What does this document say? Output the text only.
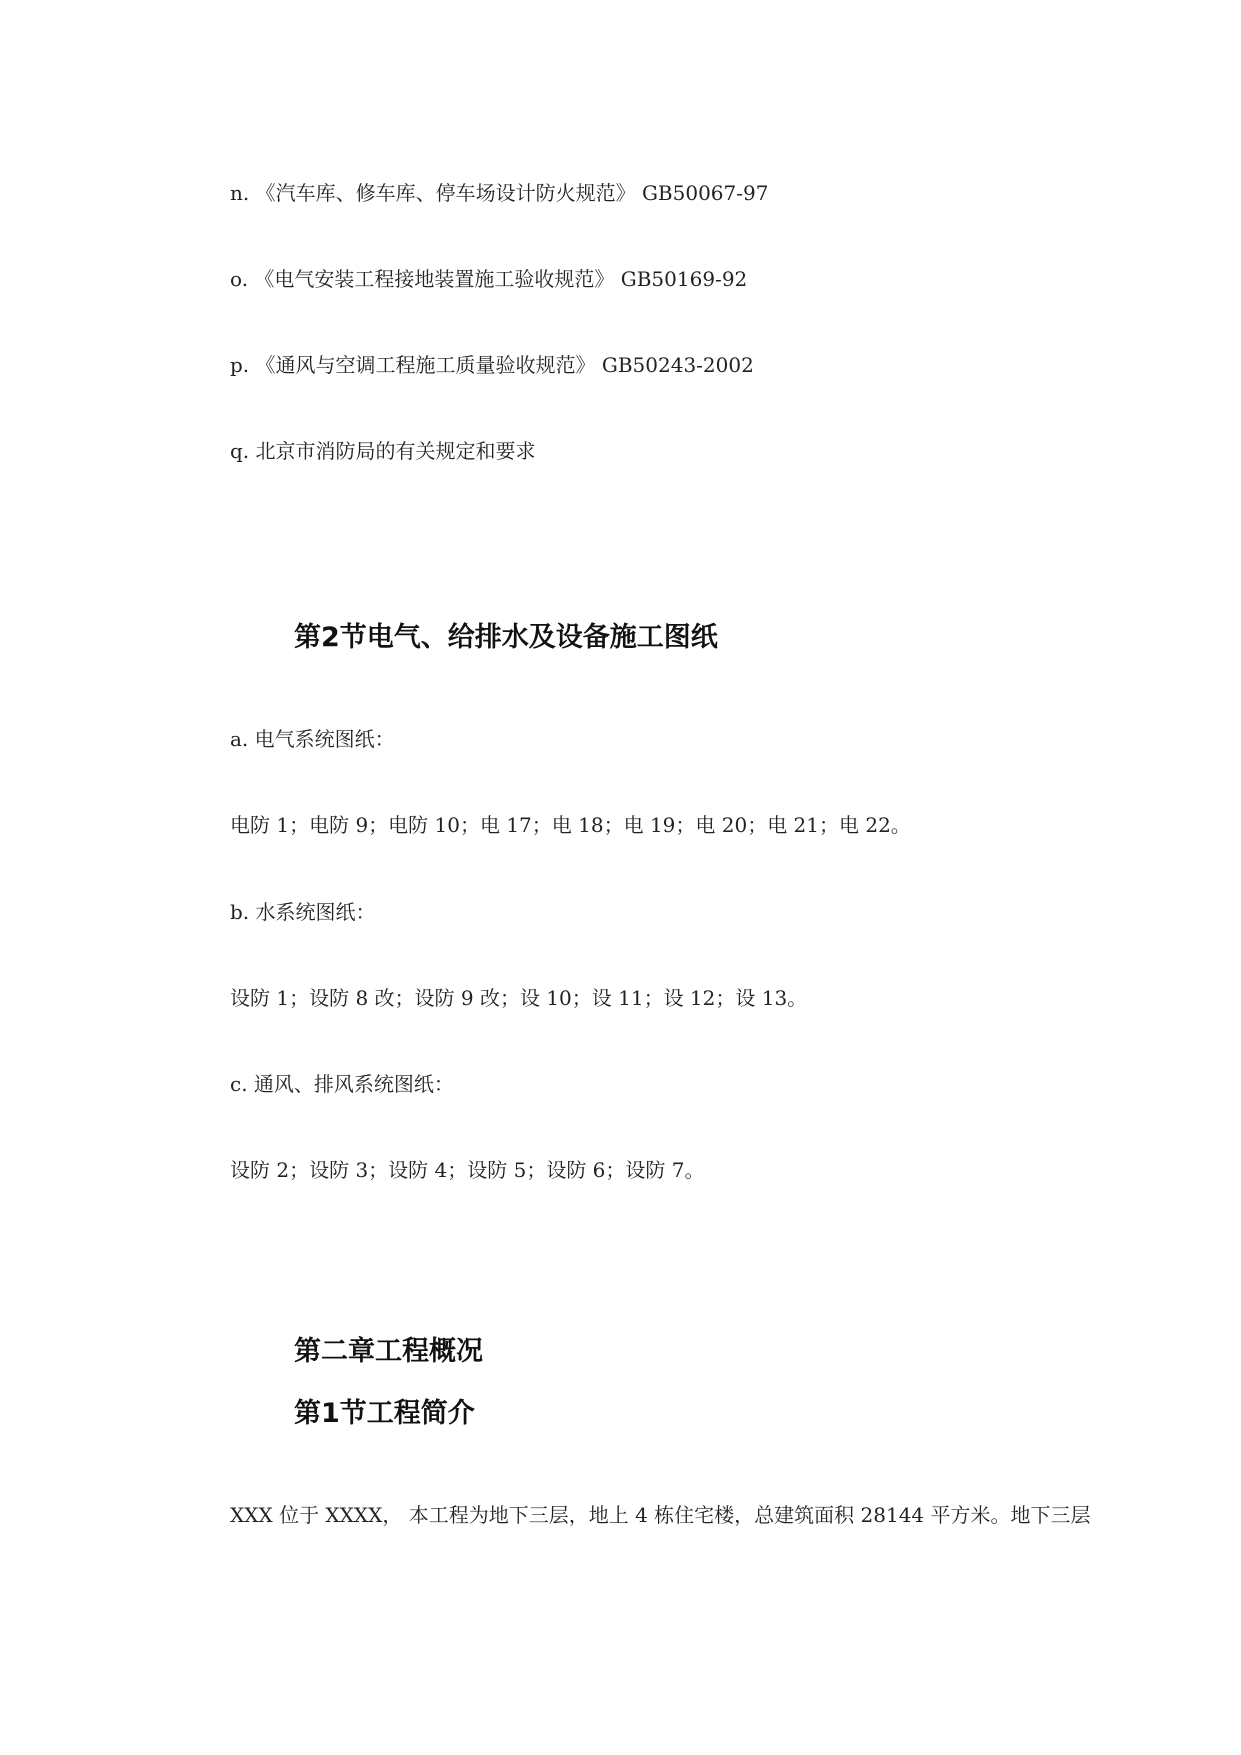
n. 《汽车库、修车库、停车场设计防火规范》 GB50067-97
o. 《电气安装工程接地装置施工验收规范》 GB50169-92
p. 《通风与空调工程施工质量验收规范》 GB50243-2002
q. 北京市消防局的有关规定和要求
第2节电气、给排水及设备施工图纸
a. 电气系统图纸：
电防 1；电防 9；电防 10；电 17；电 18；电 19；电 20；电 21；电 22。
b. 水系统图纸：
设防 1；设防 8 改；设防 9 改；设 10；设 11；设 12；设 13。
c. 通风、排风系统图纸：
设防 2；设防 3；设防 4；设防 5；设防 6；设防 7。
第二章工程概况
第1节工程简介
XXX 位于 XXXX， 本工程为地下三层，地上 4 栋住宅楼，总建筑面积 28144 平方米。地下三层
